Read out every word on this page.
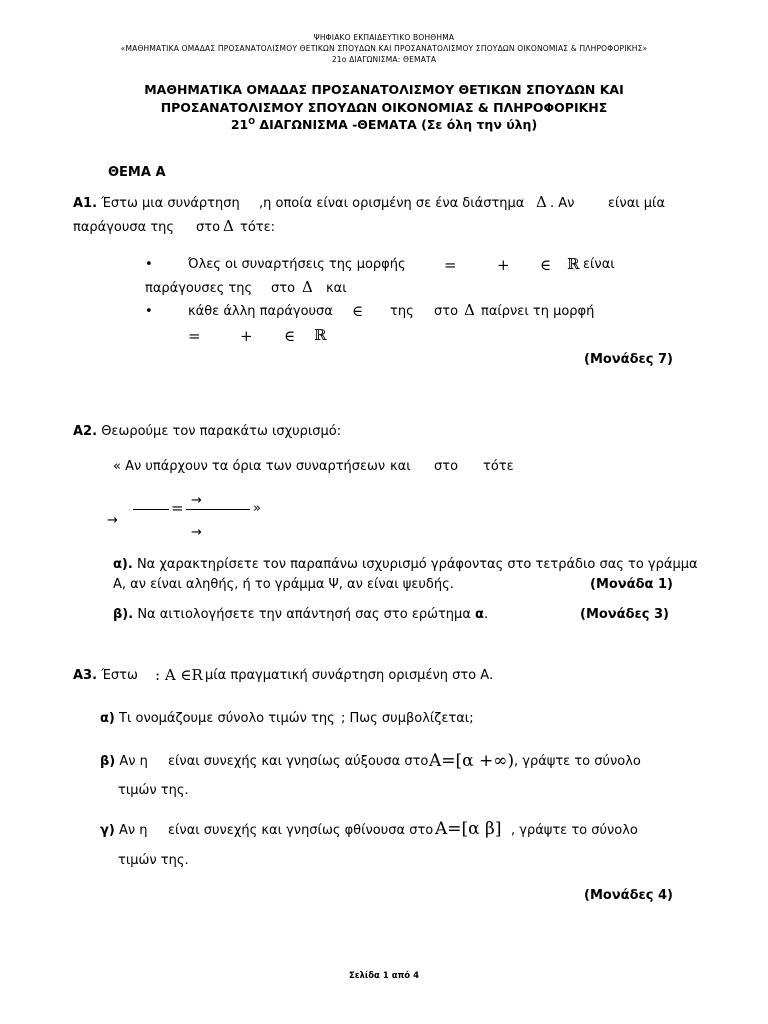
ΨΗΦΙΑΚΟ ΕΚΠΑΙΔΕΥΤΙΚΟ ΒΟΗΘΗΜΑ
«ΜΑΘΗΜΑΤΙΚΑ ΟΜΑΔΑΣ ΠΡΟΣΑΝΑΤΟΛΙΣΜΟΥ ΘΕΤΙΚΩΝ ΣΠΟΥΔΩΝ ΚΑΙ ΠΡΟΣΑΝΑΤΟΛΙΣΜΟΥ ΣΠΟΥΔΩΝ ΟΙΚΟΝΟΜΙΑΣ & ΠΛΗΡΟΦΟΡΙΚΗΣ»
21ο ΔΙΑΓΩΝΙΣΜΑ: ΘΕΜΑΤΑ
ΜΑΘΗΜΑΤΙΚΑ ΟΜΑΔΑΣ ΠΡΟΣΑΝΑΤΟΛΙΣΜΟΥ ΘΕΤΙΚΩΝ ΣΠΟΥΔΩΝ ΚΑΙ
ΠΡΟΣΑΝΑΤΟΛΙΣΜΟΥ ΣΠΟΥΔΩΝ ΟΙΚΟΝΟΜΙΑΣ & ΠΛΗΡΟΦΟΡΙΚΗΣ
$21^O$ ΔΙΑΓΩΝΙΣΜΑ -ΘΕΜΑΤΑ (Σε όλη την ύλη)
ΘΕΜΑ Α
Α1. Έστω μια συνάρτηση ,η οποία είναι ορισμένη σε ένα διάστημα Δ . Αν	είναι μία
παράγουσα της στο Δ τότε:
•	Όλες οι συναρτήσεις της μορφής	=	+ ∈ ℝ είναι
παράγουσες της στο Δ και
•	κάθε άλλη παράγουσα ∈ της στο Δ παίρνει τη μορφή
=	+ ∈ ℝ
(Μονάδες 7)
Α2. Θεωρούμε τον παρακάτω ισχυρισμό:
« Αν υπάρχουν τα όρια των συναρτήσεων και στο τότε
= →
»
→
→
α). Να χαρακτηρίσετε τον παραπάνω ισχυρισμό γράφοντας στο τετράδιο σας το γράμμα
Α, αν είναι αληθής, ή το γράμμα Ψ, αν είναι ψευδής.	(Μονάδα 1)
β). Να αιτιολογήσετε την απάντησή σας στο ερώτημα α.	(Μονάδες 3)
Α3. Έστω : A ∈R μία πραγματική συνάρτηση ορισμένη στο Α.
α) Τι ονομάζουμε σύνολο τιμών της ; Πως συμβολίζεται;
β) Αν η είναι συνεχής και γνησίως αύξουσα στο A=[α +∞) , γράψτε το σύνολο
τιμών της.
γ) Αν η είναι συνεχής και γνησίως φθίνουσα στο A=[α β] , γράψτε το σύνολο
τιμών της.
(Μονάδες 4)
Σελίδα 1 από 4
